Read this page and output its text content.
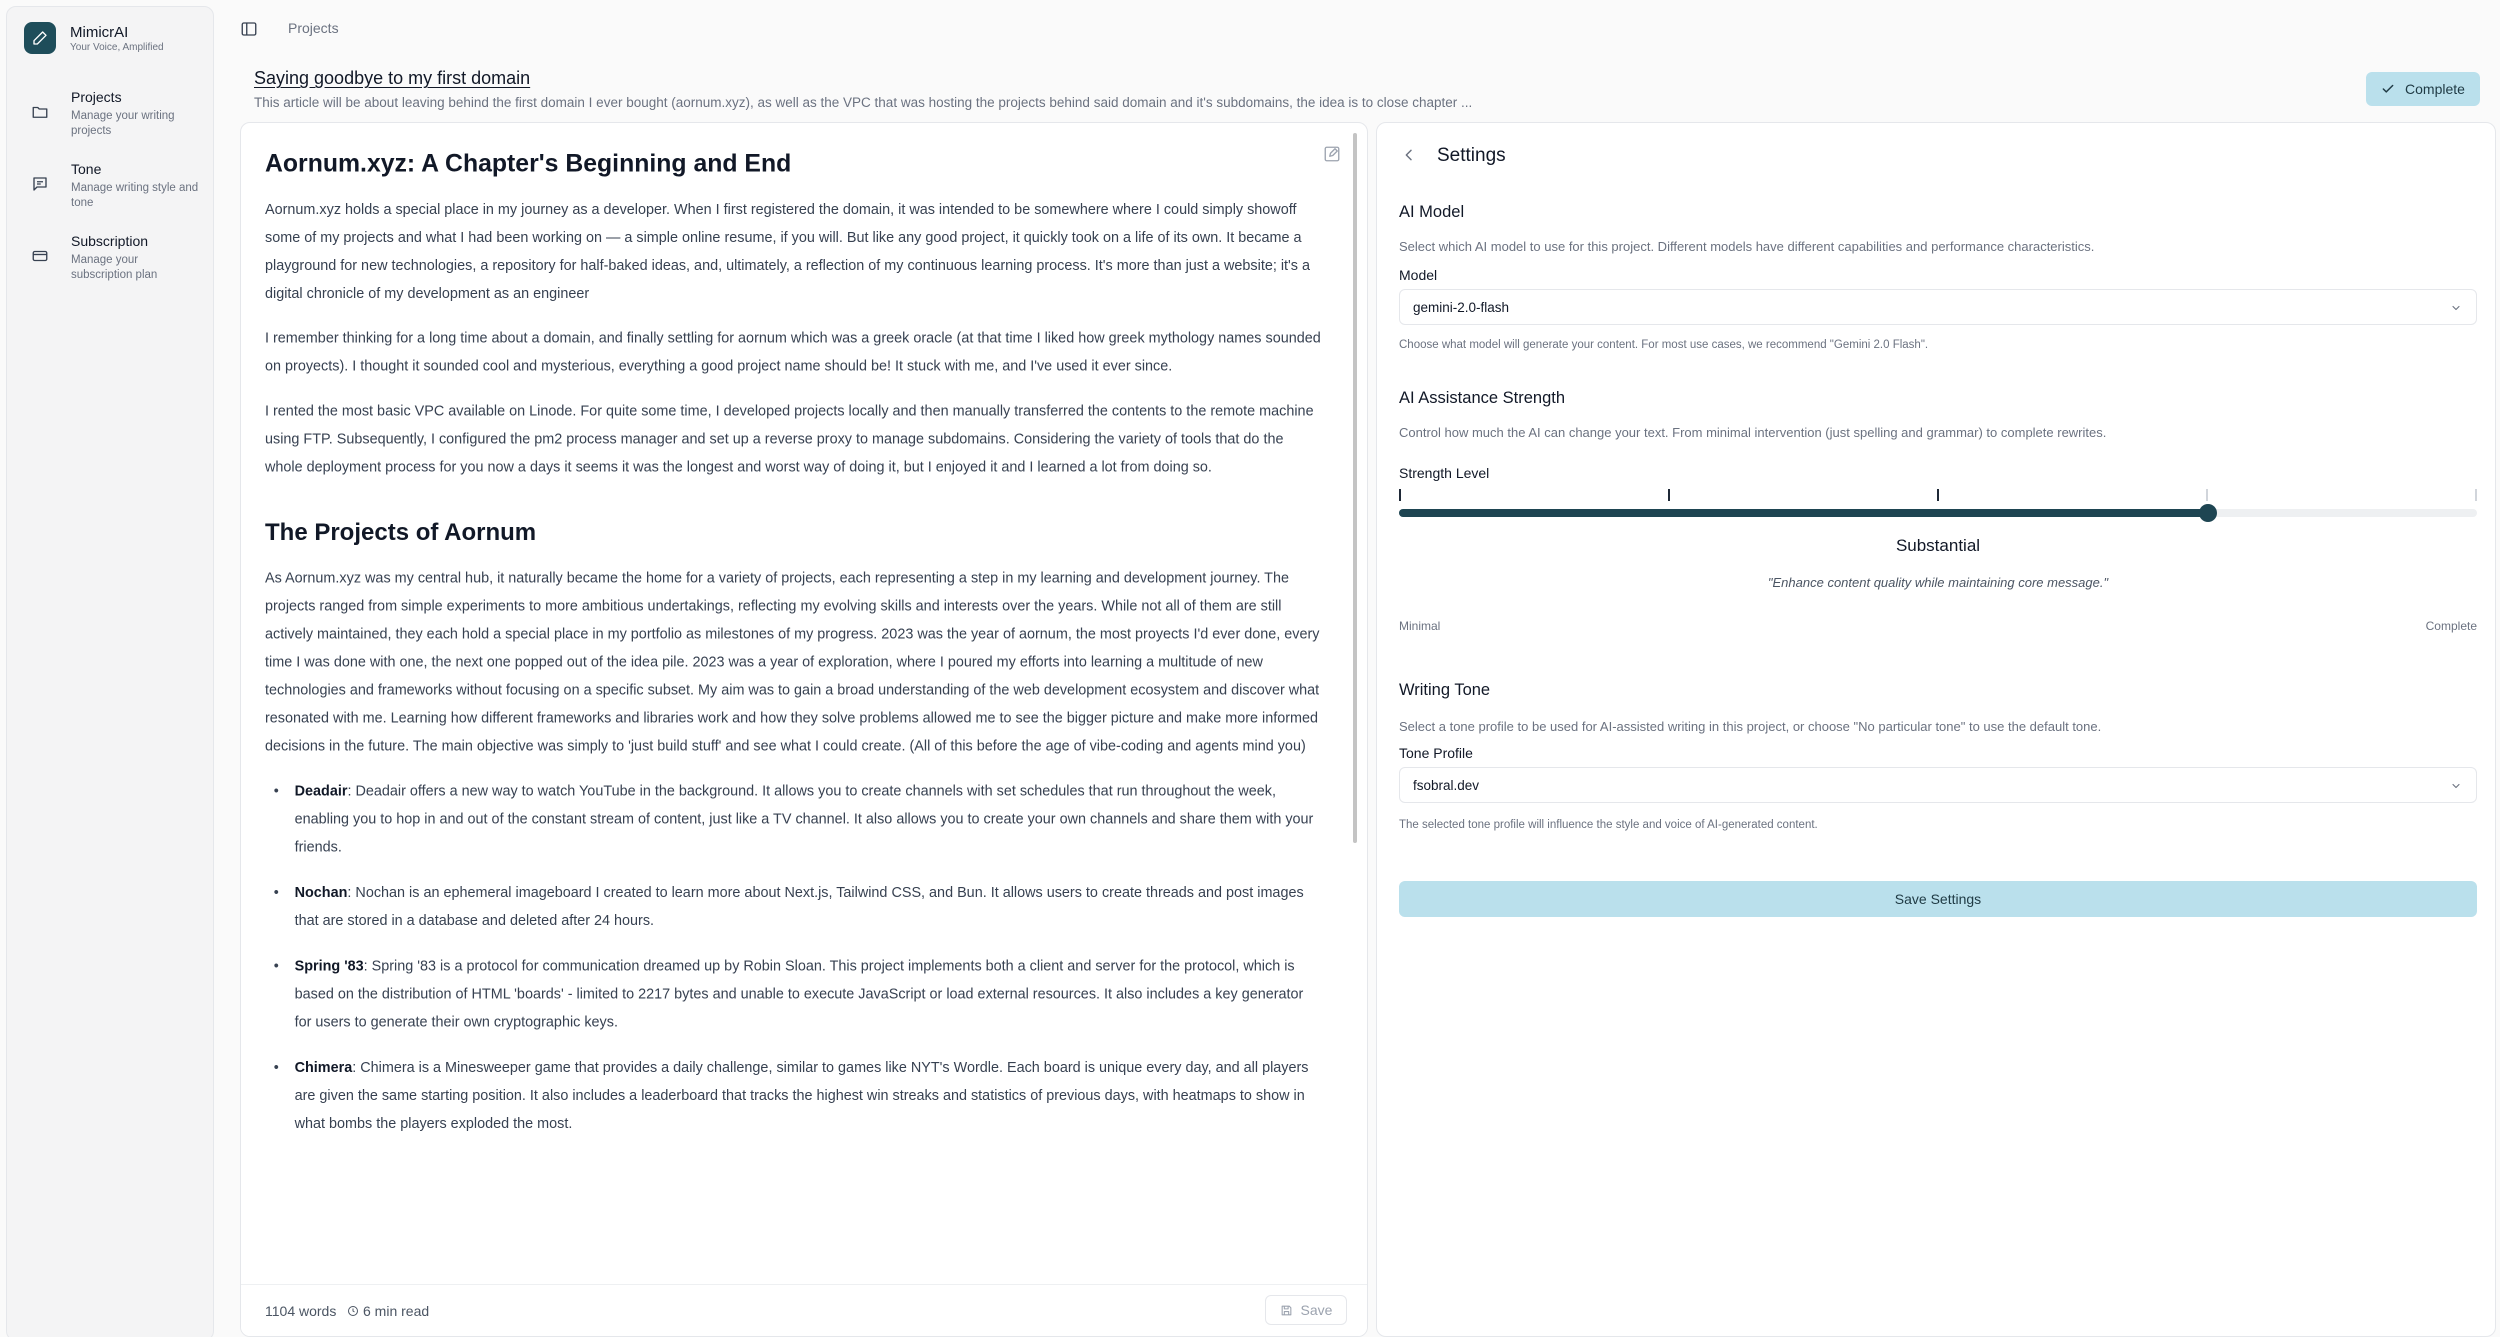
MimicrAI
Your Voice, Amplified
Projects
Manage your writing projects
Tone
Manage writing style and tone
Subscription
Manage your subscription plan
Projects
Saying goodbye to my first domain
This article will be about leaving behind the first domain I ever bought (aornum.xyz), as well as the VPC that was hosting the projects behind said domain and it's subdomains, the idea is to close chapter ...
Complete
Aornum.xyz: A Chapter's Beginning and End

Aornum.xyz holds a special place in my journey as a developer. When I first registered the domain, it was intended to be somewhere where I could simply showoff some of my projects and what I had been working on — a simple online resume, if you will. But like any good project, it quickly took on a life of its own. It became a playground for new technologies, a repository for half-baked ideas, and, ultimately, a reflection of my continuous learning process. It's more than just a website; it's a digital chronicle of my development as an engineer

I remember thinking for a long time about a domain, and finally settling for aornum which was a greek oracle (at that time I liked how greek mythology names sounded on proyects). I thought it sounded cool and mysterious, everything a good project name should be! It stuck with me, and I've used it ever since.

I rented the most basic VPC available on Linode. For quite some time, I developed projects locally and then manually transferred the contents to the remote machine using FTP. Subsequently, I configured the pm2 process manager and set up a reverse proxy to manage subdomains. Considering the variety of tools that do the whole deployment process for you now a days it seems it was the longest and worst way of doing it, but I enjoyed it and I learned a lot from doing so.

The Projects of Aornum

As Aornum.xyz was my central hub, it naturally became the home for a variety of projects, each representing a step in my learning and development journey. The projects ranged from simple experiments to more ambitious undertakings, reflecting my evolving skills and interests over the years. While not all of them are still actively maintained, they each hold a special place in my portfolio as milestones of my progress. 2023 was the year of aornum, the most proyects I'd ever done, every time I was done with one, the next one popped out of the idea pile. 2023 was a year of exploration, where I poured my efforts into learning a multitude of new technologies and frameworks without focusing on a specific subset. My aim was to gain a broad understanding of the web development ecosystem and discover what resonated with me. Learning how different frameworks and libraries work and how they solve problems allowed me to see the bigger picture and make more informed decisions in the future. The main objective was simply to 'just build stuff' and see what I could create. (All of this before the age of vibe-coding and agents mind you)

• Deadair: Deadair offers a new way to watch YouTube in the background. It allows you to create channels with set schedules that run throughout the week, enabling you to hop in and out of the constant stream of content, just like a TV channel. It also allows you to create your own channels and share them with your friends.
• Nochan: Nochan is an ephemeral imageboard I created to learn more about Next.js, Tailwind CSS, and Bun. It allows users to create threads and post images that are stored in a database and deleted after 24 hours.
• Spring '83: Spring '83 is a protocol for communication dreamed up by Robin Sloan. This project implements both a client and server for the protocol, which is based on the distribution of HTML 'boards' - limited to 2217 bytes and unable to execute JavaScript or load external resources. It also includes a key generator for users to generate their own cryptographic keys.
• Chimera: Chimera is a Minesweeper game that provides a daily challenge, similar to games like NYT's Wordle. Each board is unique every day, and all players are given the same starting position. It also includes a leaderboard that tracks the highest win streaks and statistics of previous days, with heatmaps to show in what bombs the players exploded the most.
1104 words 6 min read	Save
Settings
AI Model
Select which AI model to use for this project. Different models have different capabilities and performance characteristics.
Model
gemini-2.0-flash
Choose what model will generate your content. For most use cases, we recommend "Gemini 2.0 Flash".
AI Assistance Strength
Control how much the AI can change your text. From minimal intervention (just spelling and grammar) to complete rewrites.
Strength Level
Substantial
"Enhance content quality while maintaining core message."
Minimal	Complete
Writing Tone
Select a tone profile to be used for AI-assisted writing in this project, or choose "No particular tone" to use the default tone.
Tone Profile
fsobral.dev
The selected tone profile will influence the style and voice of AI-generated content.
Save Settings
